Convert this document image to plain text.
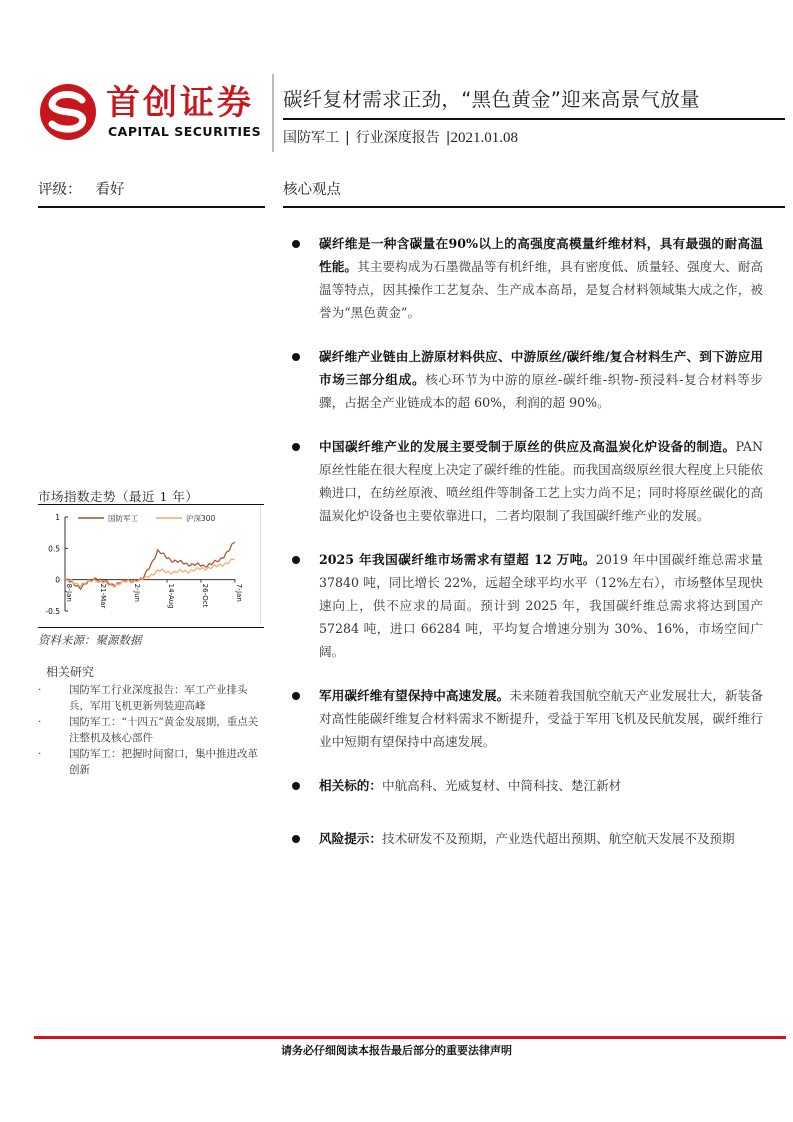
首创证券
CAPITAL SECURITIES
碳纤复材需求正劲，“黑色黄金”迎来高景气放量
国防军工 | 行业深度报告 |2021.01.08
评级： 看好	核心观点
碳纤维是一种含碳量在90%以上的高强度高模量纤维材料，具有最强的耐高温性能。其主要构成为石墨微晶等有机纤维，具有密度低、质量轻、强度大、耐高温等特点，因其操作工艺复杂、生产成本高昂，是复合材料领域集大成之作，被誉为“黑色黄金”。
碳纤维产业链由上游原材料供应、中游原丝/碳纤维/复合材料生产、到下游应用市场三部分组成。核心环节为中游的原丝-碳纤维-织物-预浸料-复合材料等步骤，占据全产业链成本的超 60%，利润的超 90%。
中国碳纤维产业的发展主要受制于原丝的供应及高温炭化炉设备的制造。PAN 原丝性能在很大程度上决定了碳纤维的性能。而我国高级原丝很大程度上只能依赖进口，在纺丝原液、喷丝组件等制备工艺上实力尚不足；同时将原丝碳化的高温炭化炉设备也主要依靠进口，二者均限制了我国碳纤维产业的发展。
2025 年我国碳纤维市场需求有望超 12 万吨。2019 年中国碳纤维总需求量 37840 吨，同比增长 22%，远超全球平均水平（12%左右），市场整体呈现快速向上，供不应求的局面。预计到 2025 年，我国碳纤维总需求将达到国产 57284 吨，进口 66284 吨，平均复合增速分别为 30%、16%，市场空间广阔。
军用碳纤维有望保持中高速发展。未来随着我国航空航天产业发展壮大，新装备对高性能碳纤维复合材料需求不断提升，受益于军用飞机及民航发展，碳纤维行业中短期有望保持中高速发展。
相关标的：中航高科、光威复材、中简科技、楚江新材
风险提示：技术研发不及预期，产业迭代超出预期、航空航天发展不及预期
市场指数走势（最近 1 年）
1
0.5
0
-0.5
8-Jan	21-Mar	2-Jun	14-Aug	26-Oct	7-Jan
国防军工	沪深300
资料来源：聚源数据
相关研究
·	国防军工行业深度报告：军工产业排头兵，军用飞机更新列装迎高峰
·	国防军工：“十四五”黄金发展期，重点关注整机及核心部件
·	国防军工：把握时间窗口，集中推进改革创新
请务必仔细阅读本报告最后部分的重要法律声明
